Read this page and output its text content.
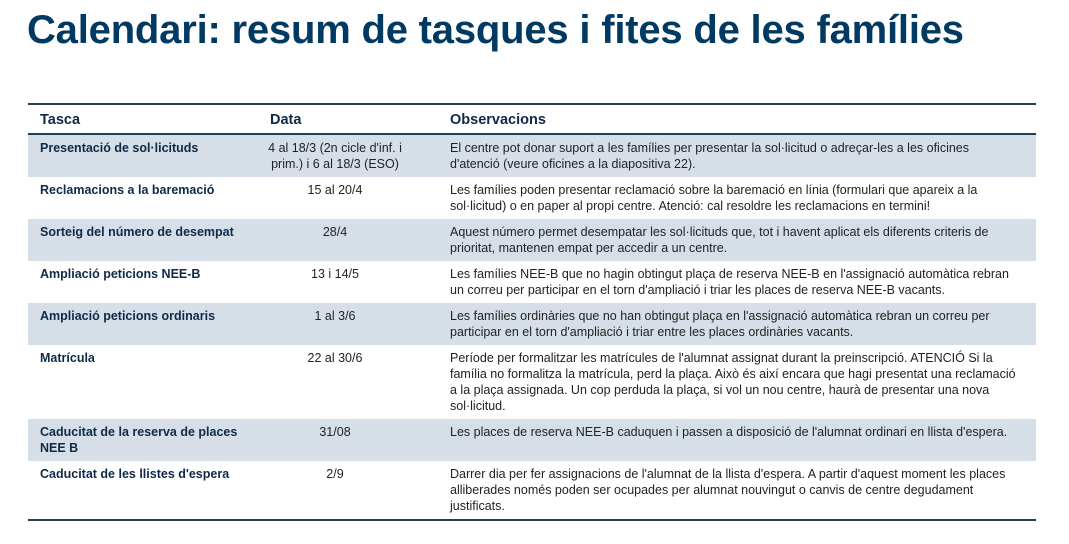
Calendari: resum de tasques i fites de les famílies
Tasca	Data	Observacions
Presentació de sol·licituds	4 al 18/3 (2n cicle d'inf. i prim.) i 6 al 18/3 (ESO)	El centre pot donar suport a les famílies per presentar la sol·licitud o adreçar-les a les oficines d'atenció (veure oficines a la diapositiva 22).
Reclamacions a la baremació	15 al 20/4	Les famílies poden presentar reclamació sobre la baremació en línia (formulari que apareix a la sol·licitud) o en paper al propi centre. Atenció: cal resoldre les reclamacions en termini!
Sorteig del número de desempat	28/4	Aquest número permet desempatar les sol·licituds que, tot i havent aplicat els diferents criteris de prioritat, mantenen empat per accedir a un centre.
Ampliació peticions NEE-B	13 i 14/5	Les famílies NEE-B que no hagin obtingut plaça de reserva NEE-B en l'assignació automàtica rebran un correu per participar en el torn d'ampliació i triar les places de reserva NEE-B vacants.
Ampliació peticions ordinaris	1 al 3/6	Les famílies ordinàries que no han obtingut plaça en l'assignació automàtica rebran un correu per participar en el torn d'ampliació i triar entre les places ordinàries vacants.
Matrícula	22 al 30/6	Període per formalitzar les matrícules de l'alumnat assignat durant la preinscripció. ATENCIÓ Si la família no formalitza la matrícula, perd la plaça. Això és així encara que hagi presentat una reclamació a la plaça assignada. Un cop perduda la plaça, si vol un nou centre, haurà de presentar una nova sol·licitud.
Caducitat de la reserva de places NEE B	31/08	Les places de reserva NEE-B caduquen i passen a disposició de l'alumnat ordinari en llista d'espera.
Caducitat de les llistes d'espera	2/9	Darrer dia per fer assignacions de l'alumnat de la llista d'espera. A partir d'aquest moment les places alliberades només poden ser ocupades per alumnat nouvingut o canvis de centre degudament justificats.
